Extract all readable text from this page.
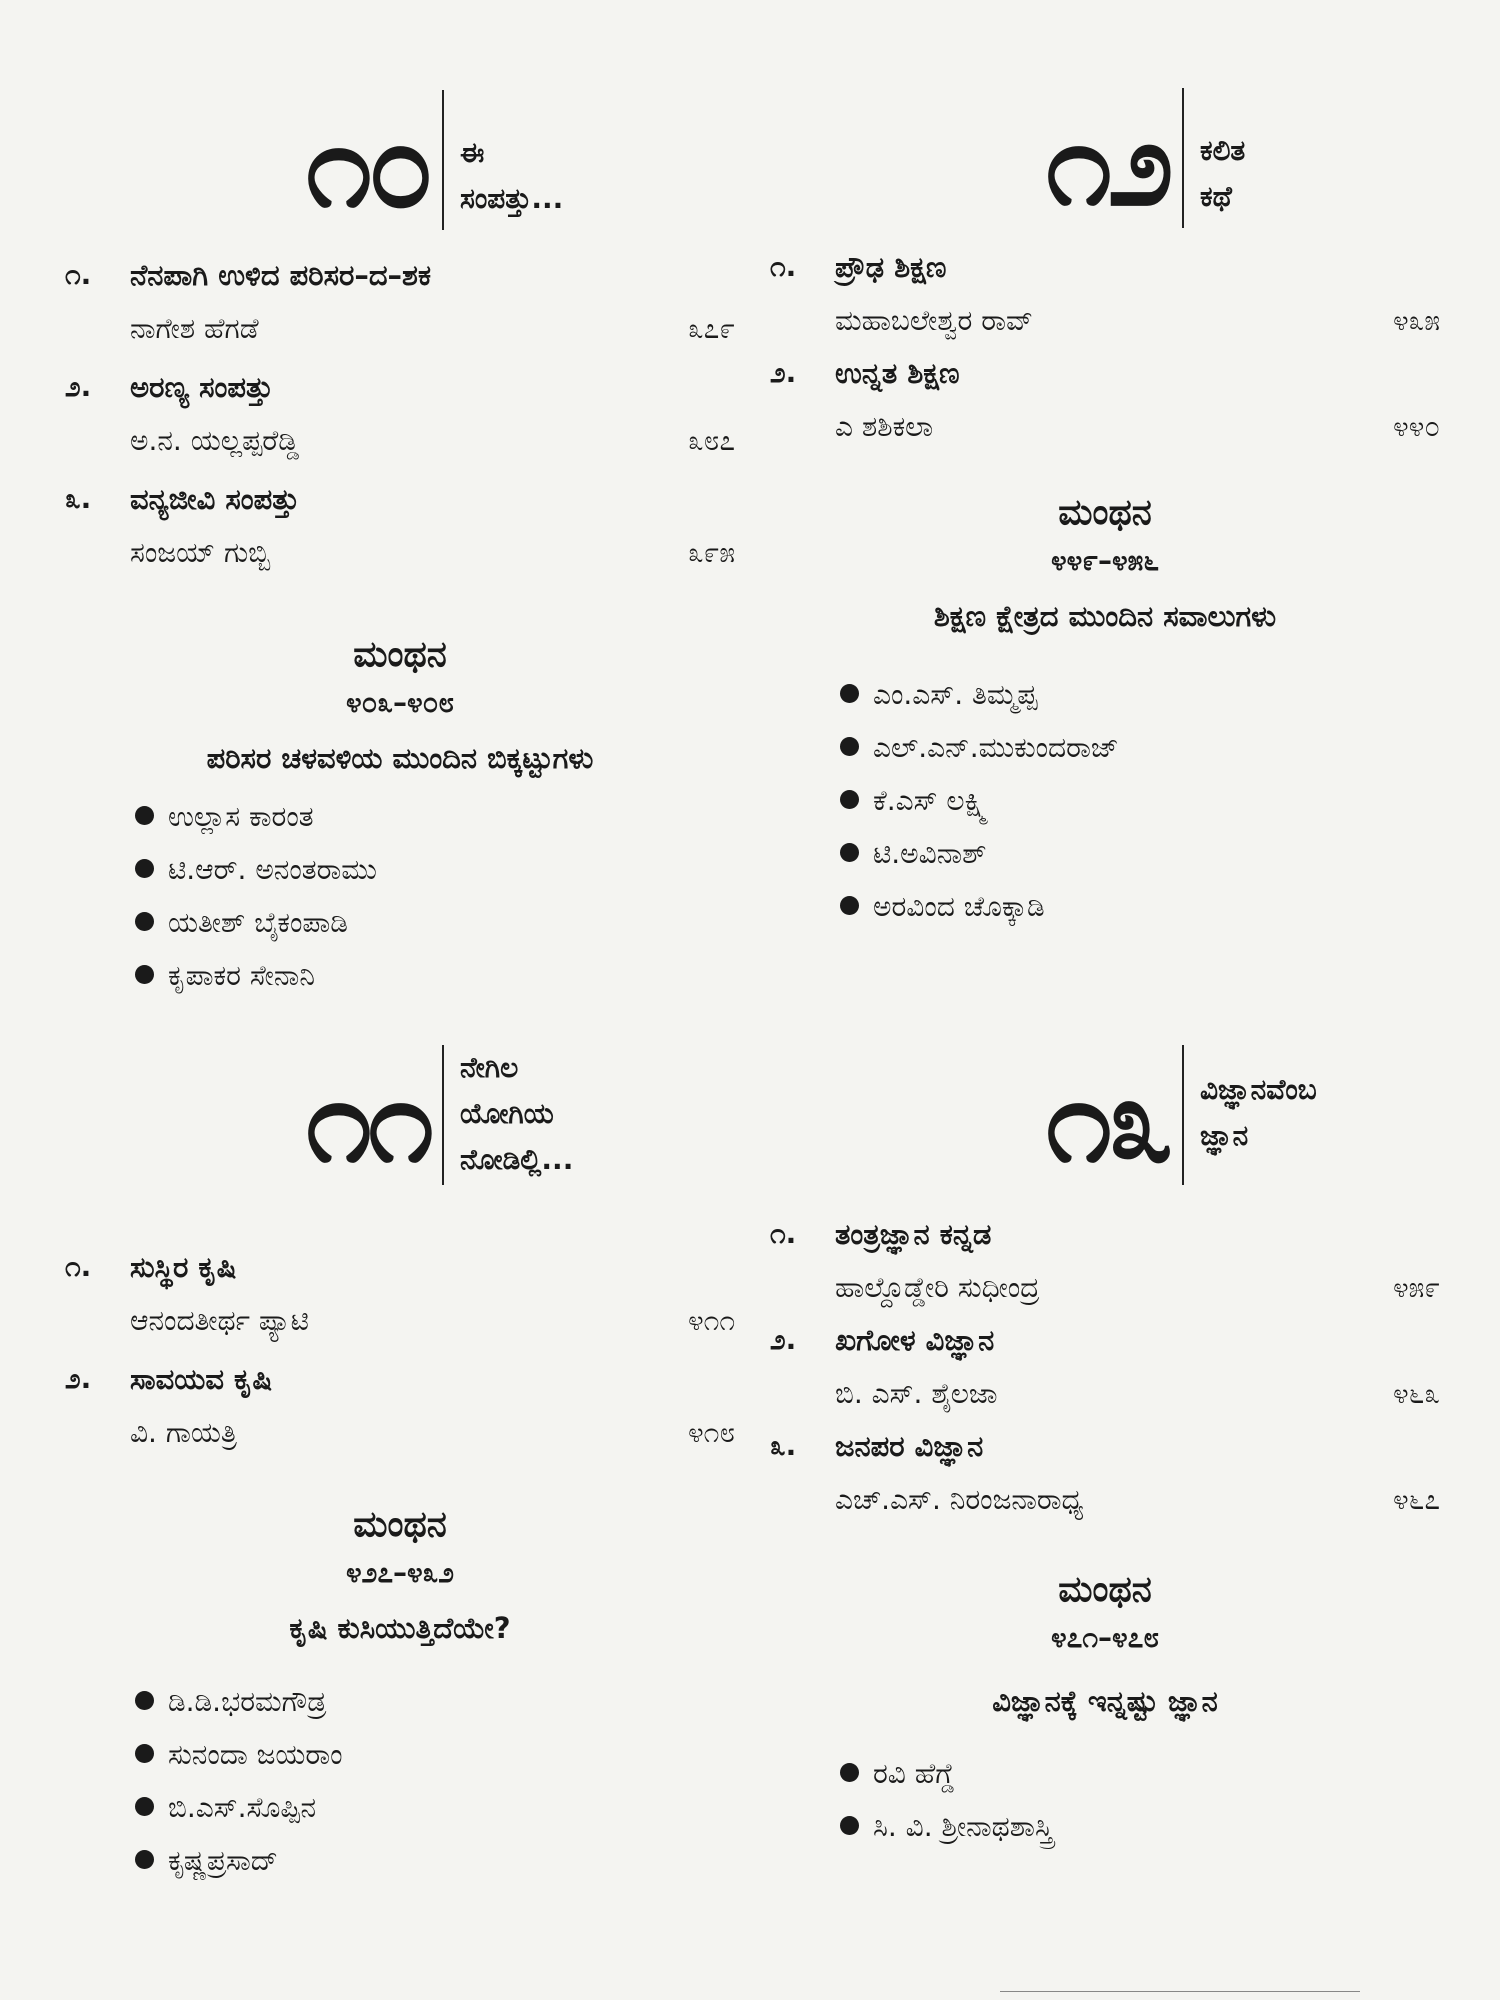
೧೦ ಈ
ಸಂಪತ್ತು...
೧.	ನೆನಪಾಗಿ ಉಳಿದ ಪರಿಸರ–ದ–ಶಕ
ನಾಗೇಶ ಹೆಗಡೆ	೩೭೯
೨.	ಅರಣ್ಯ ಸಂಪತ್ತು
ಅ.ನ. ಯಲ್ಲಪ್ಪರೆಡ್ಡಿ	೩೮೭
೩.	ವನ್ಯಜೀವಿ ಸಂಪತ್ತು
ಸಂಜಯ್ ಗುಬ್ಬಿ	೩೯೫
ಮಂಥನ
೪೦೩–೪೦೮
ಪರಿಸರ ಚಳವಳಿಯ ಮುಂದಿನ ಬಿಕ್ಕಟ್ಟುಗಳು
ಉಲ್ಲಾಸ ಕಾರಂತ
ಟಿ.ಆರ್. ಅನಂತರಾಮು
ಯತೀಶ್ ಬೈಕಂಪಾಡಿ
ಕೃಪಾಕರ ಸೇನಾನಿ
೧೧ ನೇಗಿಲ
ಯೋಗಿಯ
ನೋಡಿಲ್ಲಿ...
೧.	ಸುಸ್ಥಿರ ಕೃಷಿ
ಆನಂದತೀರ್ಥ ಪ್ಯಾಟಿ	೪೧೧
೨.	ಸಾವಯವ ಕೃಷಿ
ವಿ. ಗಾಯತ್ರಿ	೪೧೮
ಮಂಥನ
೪೨೭–೪೩೨
ಕೃಷಿ ಕುಸಿಯುತ್ತಿದೆಯೇ?
ಡಿ.ಡಿ.ಭರಮಗೌಡ್ರ
ಸುನಂದಾ ಜಯರಾಂ
ಬಿ.ಎಸ್.ಸೊಪ್ಪಿನ
ಕೃಷ್ಣಪ್ರಸಾದ್
೧೨ ಕಲಿತ
ಕಥೆ
೧.	ಪ್ರೌಢ ಶಿಕ್ಷಣ
ಮಹಾಬಲೇಶ್ವರ ರಾವ್	೪೩೫
೨.	ಉನ್ನತ ಶಿಕ್ಷಣ
ಎ ಶಶಿಕಲಾ	೪೪೦
ಮಂಥನ
೪೪೯–೪೫೬
ಶಿಕ್ಷಣ ಕ್ಷೇತ್ರದ ಮುಂದಿನ ಸವಾಲುಗಳು
ಎಂ.ಎಸ್. ತಿಮ್ಮಪ್ಪ
ಎಲ್.ಎನ್.ಮುಕುಂದರಾಜ್
ಕೆ.ಎಸ್ ಲಕ್ಷ್ಮಿ
ಟಿ.ಅವಿನಾಶ್
ಅರವಿಂದ ಚೊಕ್ಕಾಡಿ
೧೩ ವಿಜ್ಞಾನವೆಂಬ
ಜ್ಞಾನ
೧.	ತಂತ್ರಜ್ಞಾನ ಕನ್ನಡ
ಹಾಲ್ದೊಡ್ಡೇರಿ ಸುಧೀಂದ್ರ	೪೫೯
೨.	ಖಗೋಳ ವಿಜ್ಞಾನ
ಬಿ. ಎಸ್. ಶೈಲಜಾ	೪೬೩
೩.	ಜನಪರ ವಿಜ್ಞಾನ
ಎಚ್.ಎಸ್. ನಿರಂಜನಾರಾಧ್ಯ	೪೬೭
ಮಂಥನ
೪೭೧–೪೭೮
ವಿಜ್ಞಾನಕ್ಕೆ ಇನ್ನಷ್ಟು ಜ್ಞಾನ
ರವಿ ಹೆಗ್ಡೆ
ಸಿ. ವಿ. ಶ್ರೀನಾಥಶಾಸ್ತ್ರಿ
